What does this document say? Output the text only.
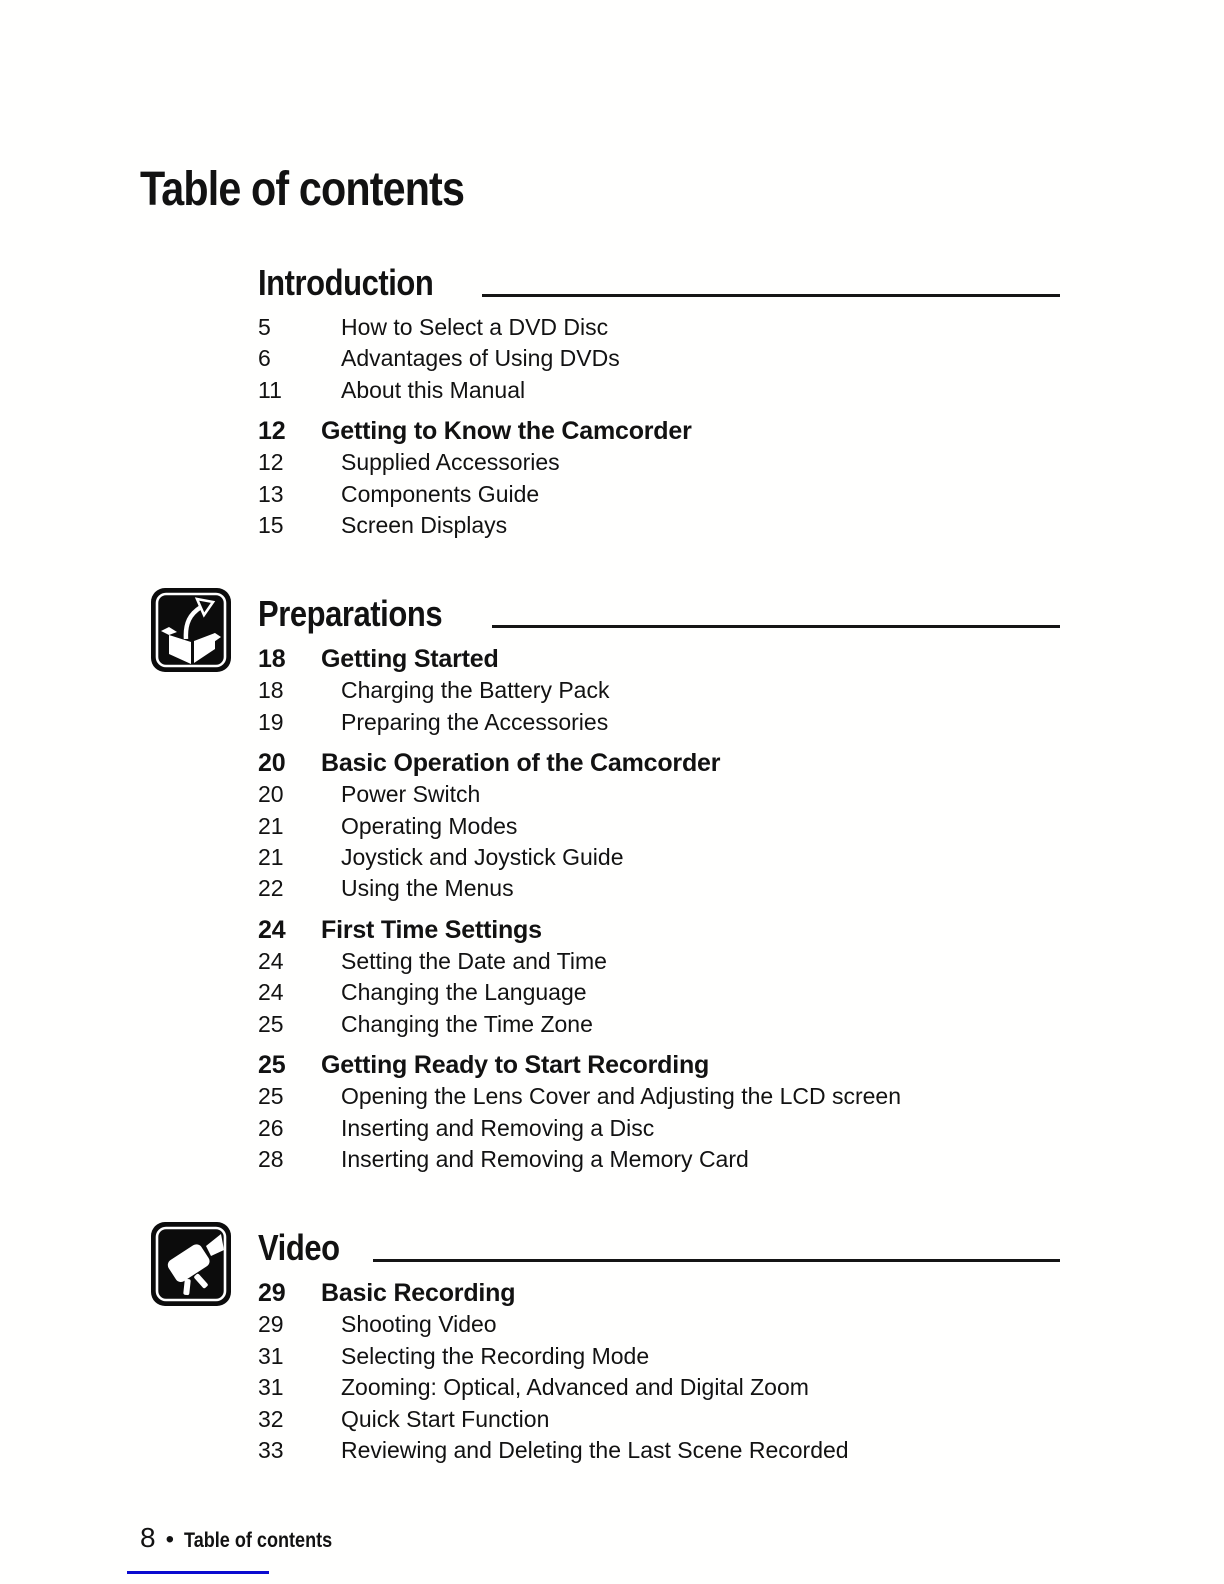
Table of contents
Introduction
5	How to Select a DVD Disc
6	Advantages of Using DVDs
11	About this Manual
12	Getting to Know the Camcorder
12	Supplied Accessories
13	Components Guide
15	Screen Displays
Preparations
18	Getting Started
18	Charging the Battery Pack
19	Preparing the Accessories
20	Basic Operation of the Camcorder
20	Power Switch
21	Operating Modes
21	Joystick and Joystick Guide
22	Using the Menus
24	First Time Settings
24	Setting the Date and Time
24	Changing the Language
25	Changing the Time Zone
25	Getting Ready to Start Recording
25	Opening the Lens Cover and Adjusting the LCD screen
26	Inserting and Removing a Disc
28	Inserting and Removing a Memory Card
Video
29	Basic Recording
29	Shooting Video
31	Selecting the Recording Mode
31	Zooming: Optical, Advanced and Digital Zoom
32	Quick Start Function
33	Reviewing and Deleting the Last Scene Recorded
8 • Table of contents
